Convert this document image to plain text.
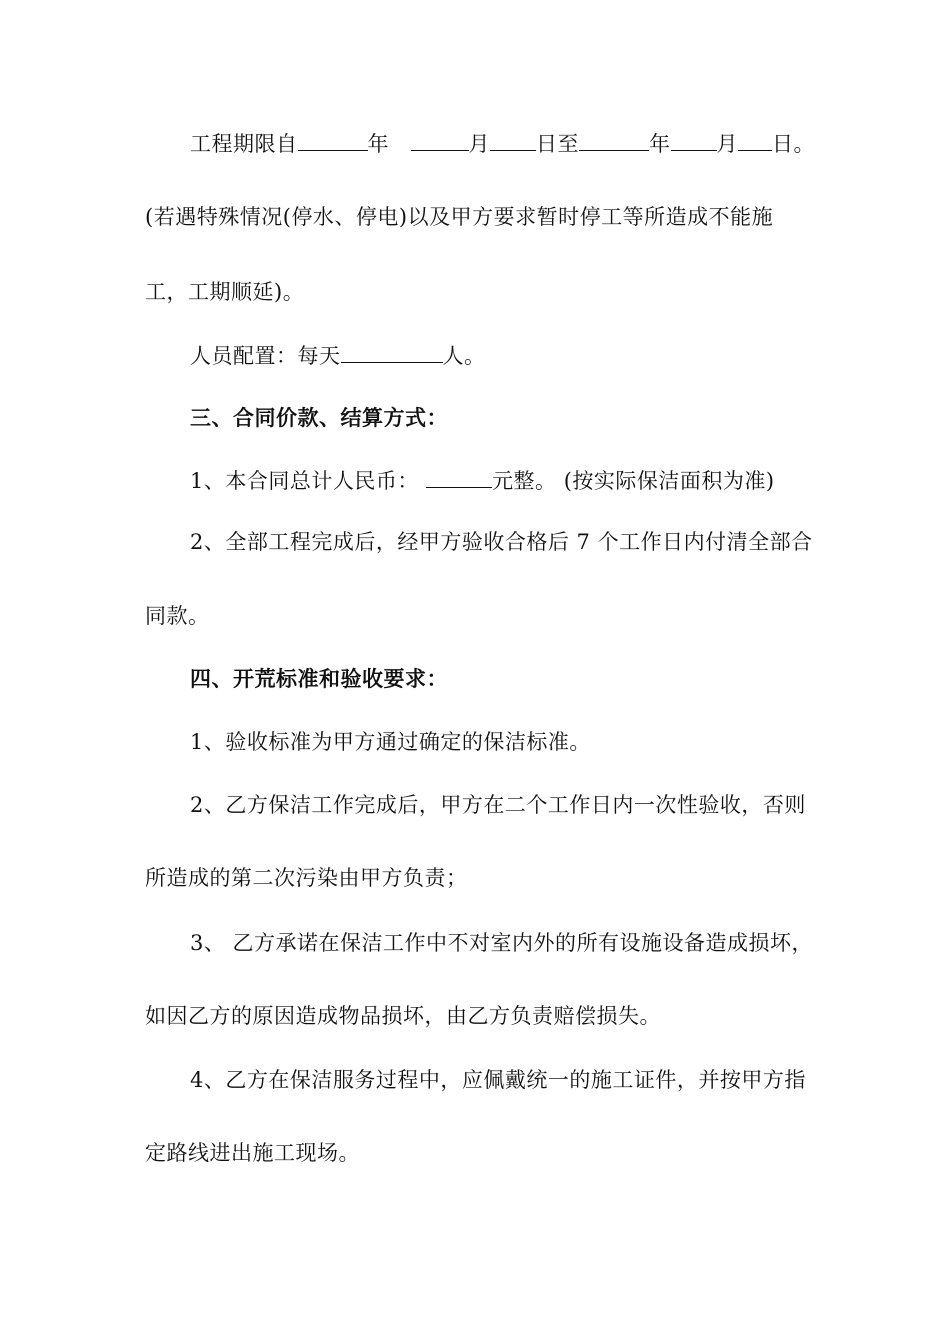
工程期限自	年	月 日至	年 月 日。
(若遇特殊情况(停水、停电)以及甲方要求暂时停工等所造成不能施
工，工期顺延)。
人员配置：每天	人。
三、合同价款、结算方式：
1、本合同总计人民币：	元整。 (按实际保洁面积为准)
2、全部工程完成后，经甲方验收合格后 7 个工作日内付清全部合
同款。
四、开荒标准和验收要求：
1、验收标准为甲方通过确定的保洁标准。
2、乙方保洁工作完成后，甲方在二个工作日内一次性验收，否则
所造成的第二次污染由甲方负责；
3、 乙方承诺在保洁工作中不对室内外的所有设施设备造成损坏，
如因乙方的原因造成物品损坏，由乙方负责赔偿损失。
4、乙方在保洁服务过程中，应佩戴统一的施工证件，并按甲方指
定路线进出施工现场。
